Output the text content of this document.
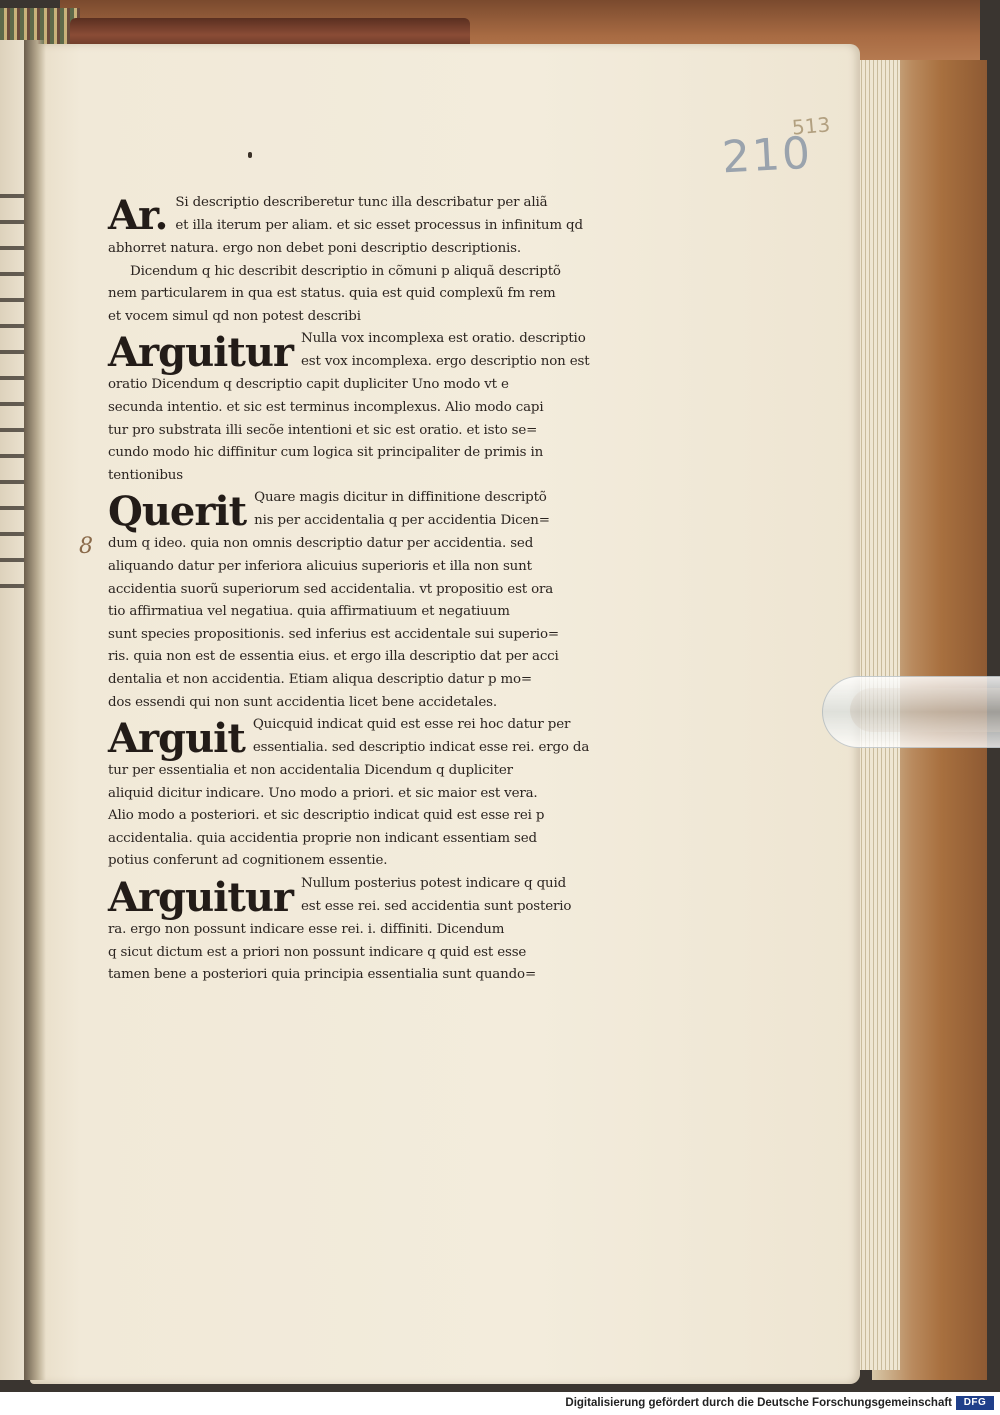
210
513
8
Ar. Si descriptio describeretur tunc illa describatur per aliã
et illa iterum per aliam. et sic esset processus in infinitum qd
abhorret natura. ergo non debet poni descriptio descriptionis.
Dicendum q hic describit descriptio in cõmuni p aliquã descriptõ
nem particularem in qua est status. quia est quid complexũ fm rem
et vocem simul qd non potest describi
Arguitur Nulla vox incomplexa est oratio. descriptio
est vox incomplexa. ergo descriptio non est
oratio Dicendum q descriptio capit dupliciter Uno modo vt e
secunda intentio. et sic est terminus incomplexus. Alio modo capi
tur pro substrata illi secõe intentioni et sic est oratio. et isto se=
cundo modo hic diffinitur cum logica sit principaliter de primis in
tentionibus
Querit Quare magis dicitur in diffinitione descriptõ
nis per accidentalia q per accidentia Dicen=
dum q ideo. quia non omnis descriptio datur per accidentia. sed
aliquando datur per inferiora alicuius superioris et illa non sunt
accidentia suorũ superiorum sed accidentalia. vt propositio est ora
tio affirmatiua vel negatiua. quia affirmatiuum et negatiuum
sunt species propositionis. sed inferius est accidentale sui superio=
ris. quia non est de essentia eius. et ergo illa descriptio dat per acci
dentalia et non accidentia. Etiam aliqua descriptio datur p mo=
dos essendi qui non sunt accidentia licet bene accidetales.
Arguit Quicquid indicat quid est esse rei hoc datur per
essentialia. sed descriptio indicat esse rei. ergo da
tur per essentialia et non accidentalia Dicendum q dupliciter
aliquid dicitur indicare. Uno modo a priori. et sic maior est vera.
Alio modo a posteriori. et sic descriptio indicat quid est esse rei p
accidentalia. quia accidentia proprie non indicant essentiam sed
potius conferunt ad cognitionem essentie.
Arguitur Nullum posterius potest indicare q quid
est esse rei. sed accidentia sunt posterio
ra. ergo non possunt indicare esse rei. i. diffiniti. Dicendum
q sicut dictum est a priori non possunt indicare q quid est esse
tamen bene a posteriori quia principia essentialia sunt quando=
Digitalisierung gefördert durch die Deutsche Forschungsgemeinschaft	DFG
